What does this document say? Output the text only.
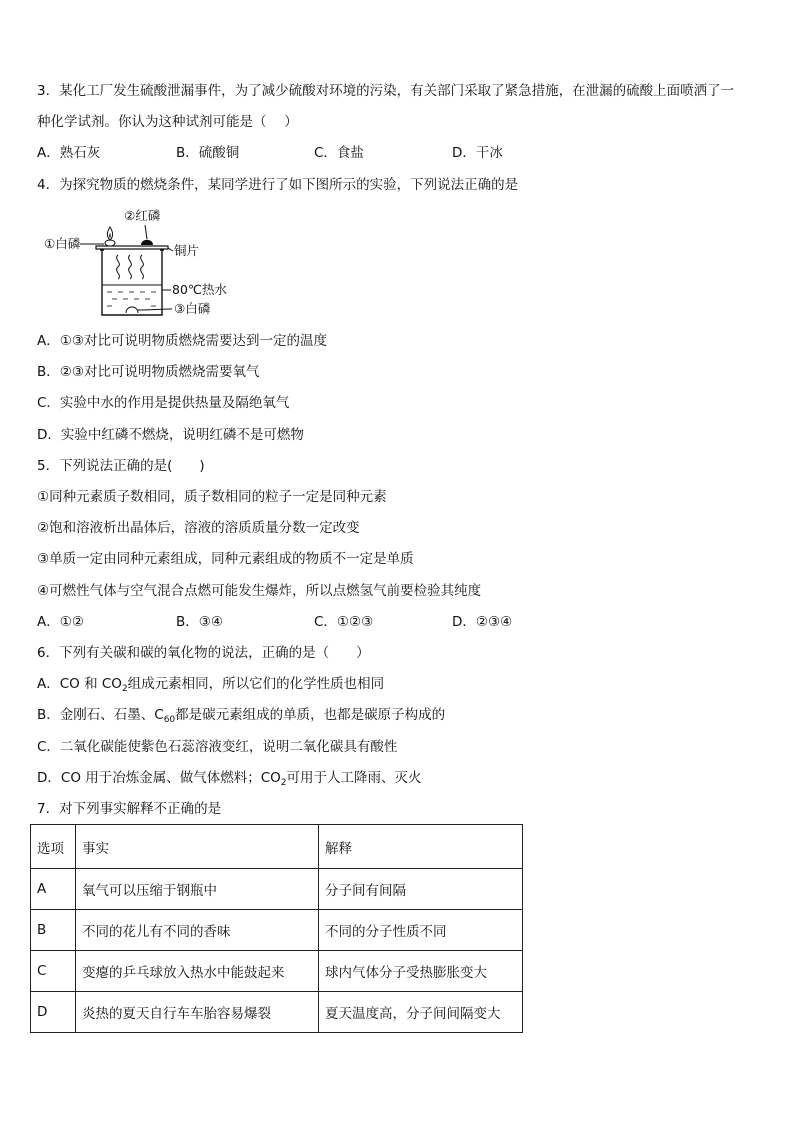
3．某化工厂发生硫酸泄漏事件，为了减少硫酸对环境的污染，有关部门采取了紧急措施，在泄漏的硫酸上面喷洒了一
种化学试剂。你认为这种试剂可能是（　 ）
A．熟石灰	B．硫酸铜	C．食盐	D．干冰
4．为探究物质的燃烧条件，某同学进行了如下图所示的实验，下列说法正确的是
②红磷
①白磷	铜片
80℃热水
③白磷
A．①③对比可说明物质燃烧需要达到一定的温度
B．②③对比可说明物质燃烧需要氧气
C．实验中水的作用是提供热量及隔绝氧气
D．实验中红磷不燃烧，说明红磷不是可燃物
5．下列说法正确的是(　　)
①同种元素质子数相同，质子数相同的粒子一定是同种元素
②饱和溶液析出晶体后，溶液的溶质质量分数一定改变
③单质一定由同种元素组成，同种元素组成的物质不一定是单质
④可燃性气体与空气混合点燃可能发生爆炸，所以点燃氢气前要检验其纯度
A．①②	B．③④	C．①②③	D．②③④
6．下列有关碳和碳的氧化物的说法，正确的是（　　）
A．CO 和 $CO_2$组成元素相同，所以它们的化学性质也相同
B．金刚石、石墨、$C_{60}$都是碳元素组成的单质，也都是碳原子构成的
C．二氧化碳能使紫色石蕊溶液变红，说明二氧化碳具有酸性
D．CO 用于冶炼金属、做气体燃料；$CO_2$可用于人工降雨、灭火
7．对下列事实解释不正确的是
选项	事实	解释
A	氧气可以压缩于钢瓶中	分子间有间隔
B	不同的花儿有不同的香味	不同的分子性质不同
C	变瘪的乒乓球放入热水中能鼓起来	球内气体分子受热膨胀变大
D	炎热的夏天自行车车胎容易爆裂	夏天温度高，分子间间隔变大
